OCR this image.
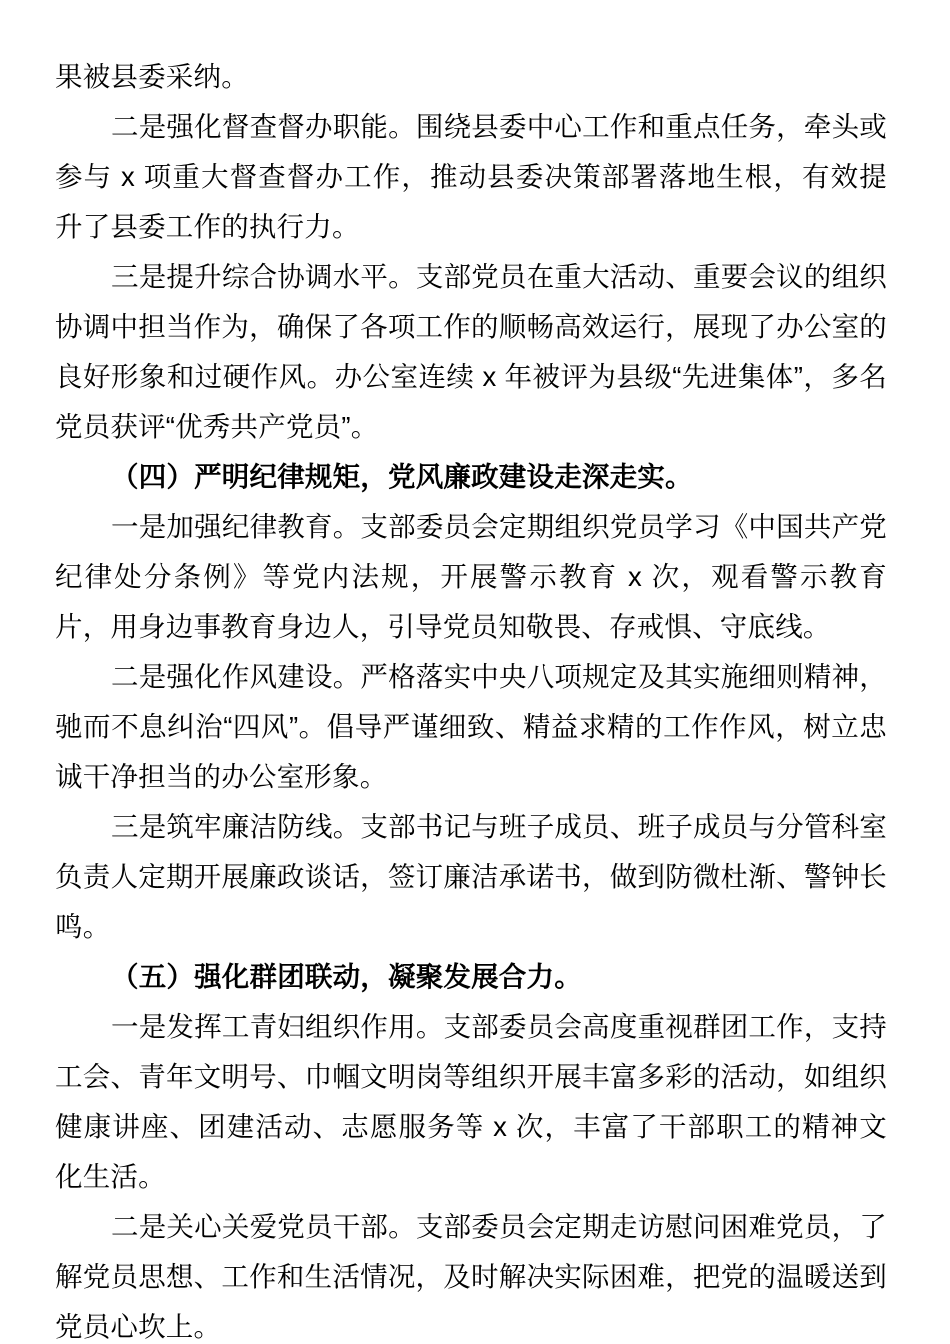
果被县委采纳。

二是强化督查督办职能。围绕县委中心工作和重点任务，牵头或参与 x 项重大督查督办工作，推动县委决策部署落地生根，有效提升了县委工作的执行力。

三是提升综合协调水平。支部党员在重大活动、重要会议的组织协调中担当作为，确保了各项工作的顺畅高效运行，展现了办公室的良好形象和过硬作风。办公室连续 x 年被评为县级“先进集体”，多名党员获评“优秀共产党员”。

（四）严明纪律规矩，党风廉政建设走深走实。

一是加强纪律教育。支部委员会定期组织党员学习《中国共产党纪律处分条例》等党内法规，开展警示教育 x 次，观看警示教育片，用身边事教育身边人，引导党员知敬畏、存戒惧、守底线。

二是强化作风建设。严格落实中央八项规定及其实施细则精神，驰而不息纠治“四风”。倡导严谨细致、精益求精的工作作风，树立忠诚干净担当的办公室形象。

三是筑牢廉洁防线。支部书记与班子成员、班子成员与分管科室负责人定期开展廉政谈话，签订廉洁承诺书，做到防微杜渐、警钟长鸣。

（五）强化群团联动，凝聚发展合力。

一是发挥工青妇组织作用。支部委员会高度重视群团工作，支持工会、青年文明号、巾帼文明岗等组织开展丰富多彩的活动，如组织健康讲座、团建活动、志愿服务等 x 次，丰富了干部职工的精神文化生活。

二是关心关爱党员干部。支部委员会定期走访慰问困难党员，了解党员思想、工作和生活情况，及时解决实际困难，把党的温暖送到党员心坎上。
